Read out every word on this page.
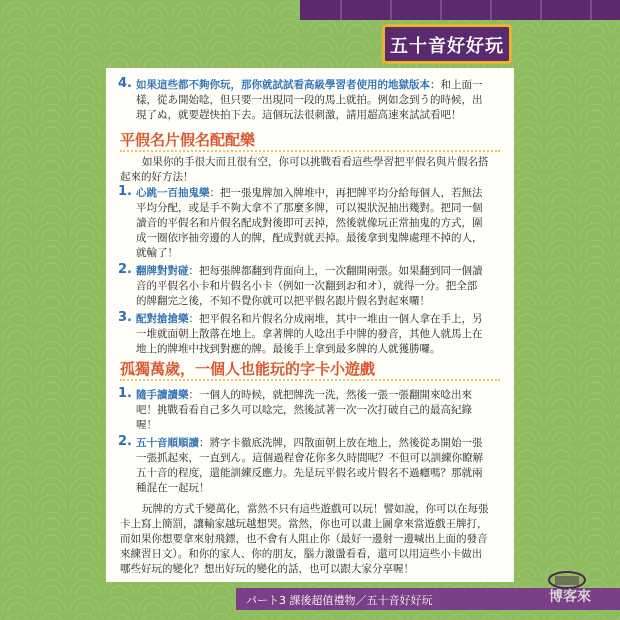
五十音好好玩
4. 如果這些都不夠你玩，那你就試試看高級學習者使用的地獄版本：和上面一
樣，從あ開始唸，但只要一出現同一段的馬上就拍。例如念到う的時候，出
現了ぬ，就要趕快拍下去。這個玩法很刺激，請用超高速來試試看吧！
平假名片假名配配樂
如果你的手很大而且很有空，你可以挑戰看看這些學習把平假名與片假名搭
起來的好方法！
1. 心跳一百抽鬼樂：把一張鬼牌加入牌堆中，再把牌平均分給每個人，若無法
平均分配，或是手不夠大拿不了那麼多牌，可以視狀況抽出幾對。把同一個
讀音的平假名和片假名配成對後即可丟掉，然後就像玩正常抽鬼的方式，圍
成一圈依序抽旁邊的人的牌，配成對就丟掉。最後拿到鬼牌處理不掉的人，
就輸了！
2. 翻牌對對碰：把每張牌都翻到背面向上，一次翻開兩張。如果翻到同一個讀
音的平假名小卡和片假名小卡（例如一次翻到お和オ），就得一分。把全部
的牌翻完之後，不知不覺你就可以把平假名跟片假名對起來囉！
3. 配對搶搶樂：把平假名和片假名分成兩堆，其中一堆由一個人拿在手上，另
一堆就面朝上散落在地上。拿著牌的人唸出手中牌的發音，其他人就馬上在
地上的牌堆中找到對應的牌。最後手上拿到最多牌的人就獲勝囉。
孤獨萬歲，一個人也能玩的字卡小遊戲
1. 隨手讀讀樂：一個人的時候，就把牌洗一洗，然後一張一張翻開來唸出來
吧！挑戰看看自己多久可以唸完，然後試著一次一次打破自己的最高紀錄
喔！
2. 五十音順順讀：將字卡徹底洗牌，四散面朝上放在地上，然後從あ開始一張
一張抓起來，一直到ん。這個過程會花你多久時間呢？不但可以訓練你瞭解
五十音的程度，還能訓練反應力。先是玩平假名或片假名不過癮嗎？那就兩
種混在一起玩！
玩牌的方式千變萬化，當然不只有這些遊戲可以玩！譬如說，你可以在每張
卡上寫上簡罰，讓輸家越玩越想哭。當然，你也可以畫上圖拿來當遊戲王牌打，
而如果你想要拿來射飛鏢，也不會有人阻止你（最好一邊射一邊喊出上面的發音
來練習日文）。和你的家人、你的朋友，腦力激盪看看，還可以用這些小卡做出
哪些好玩的變化？想出好玩的變化的話，也可以跟大家分享喔！
パート3 課後超值禮物／五十音好好玩	博客來
